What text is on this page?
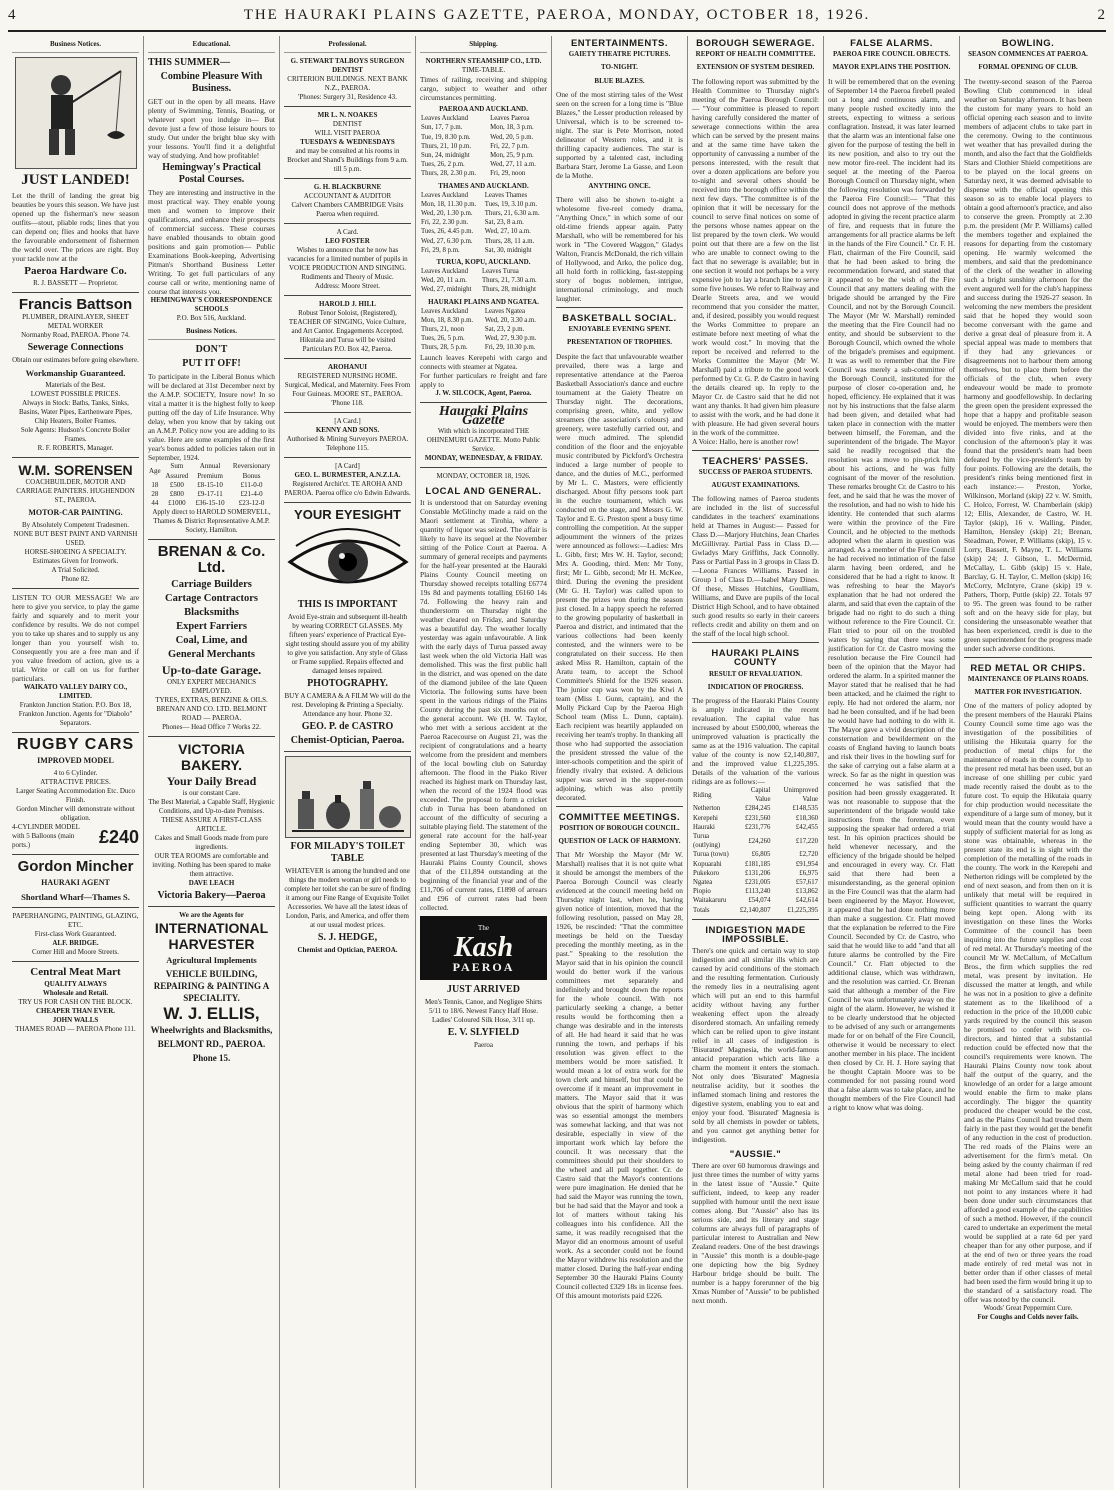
4	THE HAURAKI PLAINS GAZETTE, PAEROA, MONDAY, OCTOBER 18, 1926.	2
Business Notices.
JUST LANDED!
Let the thrill of landing the great big beauties be yours this season. We have just opened up the fisherman's new season outfits—stout, pliable rods; lines that you can depend on; flies and hooks that have the favourable endorsement of fishermen the world over. The prices are right. Buy your tackle now at the
Paeroa Hardware Co.
R. J. BASSETT — Proprietor.
Francis Battson
PLUMBER, DRAINLAYER, SHEET METAL WORKER
Normanby Road, PAEROA. Phone 74.
Sewerage Connections
Obtain our estimates before going elsewhere.
Workmanship Guaranteed.
Materials of the Best.
LOWEST POSSIBLE PRICES.
Always in Stock: Baths, Tanks, Sinks, Basins, Water Pipes, Earthenware Pipes, Chip Heaters, Boiler Frames.
Sole Agents: Hudson's Concrete Boiler Frames.
R. F. ROBERTS, Manager.
W.M. SORENSEN
COACHBUILDER, MOTOR AND CARRIAGE PAINTERS. HUGHENDON ST., PAEROA.
MOTOR-CAR PAINTING.
By Absolutely Competent Tradesmen.
NONE BUT BEST PAINT AND VARNISH USED.
HORSE-SHOEING A SPECIALTY.
Estimates Given for Ironwork.
A Trial Solicited.
Phone 82.
LISTEN TO OUR MESSAGE! We are here to give you service, to play the game fairly and squarely and to merit your confidence by results. We do not compel you to take up shares and to supply us any longer than you yourself wish to. Consequently you are a free man and if you value freedom of action, give us a trial. Write or call on us for further particulars.
WAIKATO VALLEY DAIRY CO., LIMITED.
Frankton Junction Station. P.O. Box 18, Frankton Junction. Agents for "Diabolo" Separators.
RUGBY CARS
IMPROVED MODEL
4 to 6 Cylinder.
ATTRACTIVE PRICES.
Larger Seating Accommodation Etc. Duco Finish.
Gordon Mincher will demonstrate without obligation.
4-CYLINDER MODEL with 5 Balloons (main ports.)	£240
Gordon Mincher
HAURAKI AGENT
Shortland Wharf—Thames S.
PAPERHANGING, PAINTING, GLAZING, ETC.
First-class Work Guaranteed.
ALF. BRIDGE.
Corner Hill and Moore Streets.
Central Meat Mart
QUALITY ALWAYS
Wholesale and Retail.
TRY US FOR CASH ON THE BLOCK.
CHEAPER THAN EVER.
JOHN WALLS
THAMES ROAD — PAEROA Phone 111.
Educational.
THIS SUMMER—
Combine Pleasure With Business.
GET out in the open by all means. Have plenty of Swimming, Tennis, Boating, or whatever sport you indulge in— But devote just a few of those leisure hours to study. Out under the bright blue sky with your lessons. You'll find it a delightful way of studying. And how profitable!
Hemingway's Practical Postal Courses.
They are interesting and instructive in the most practical way. They enable young men and women to improve their qualifications, and enhance their prospects of commercial success. These courses have enabled thousands to obtain good positions and gain promotion— Public Examinations Book-keeping, Advertising Pitman's Shorthand Business Letter Writing. To get full particulars of any course call or write, mentioning name of course that interests you.
HEMINGWAY'S CORRESPONDENCE SCHOOLS
P.O. Box 516, Auckland.
Business Notices.
DON'T
PUT IT OFF!
To participate in the Liberal Bonus which will be declared at 31st December next by the A.M.P. SOCIETY, Insure now! In so vital a matter it is the highest folly to keep putting off the day of Life Insurance. Why delay, when you know that by taking out an A.M.P. Policy now you are adding to its value. Here are some examples of the first year's bonus added to policies taken out in September, 1924.
Age	Sum Assured	Annual Premium	Reversionary Bonus
18	£500	£8-15-10	£11-0-0
28	£800	£9-17-11	£21-4-0
44	£1000	£36-15-10	£23-12-0
Apply direct to HAROLD SOMERVELL, Thames & District Representative A.M.P. Society, Hamilton.
BRENAN & Co. Ltd.
Carriage Builders
Cartage Contractors
Blacksmiths
Expert Farriers
Coal, Lime, and
General Merchants
Up-to-date Garage.
ONLY EXPERT MECHANICS EMPLOYED.
TYRES, EXTRAS, BENZINE & OILS.
BRENAN AND CO. LTD. BELMONT ROAD — PAEROA.
Phones— Head Office 7 Works 22.
VICTORIA BAKERY.
Your Daily Bread
is our constant Care.
The Best Material, a Capable Staff, Hygienic Conditions, and Up-to-date Premises.
THESE ASSURE A FIRST-CLASS ARTICLE.
Cakes and Small Goods made from pure ingredients.
OUR TEA ROOMS are comfortable and inviting. Nothing has been spared to make them attractive.
DAVE LEACH
Victoria Bakery—Paeroa
We are the Agents for
INTERNATIONAL
HARVESTER
Agricultural Implements
VEHICLE BUILDING, REPAIRING & PAINTING A SPECIALITY.
W. J. ELLIS,
Wheelwrights and Blacksmiths,
BELMONT RD., PAEROA.
Phone 15.
Professional.
G. STEWART TALBOYS SURGEON DENTIST
CRITERION BUILDINGS. NEXT BANK N.Z., PAEROA.
'Phones: Surgery 31, Residence 43.
MR L. N. NOAKES
DENTIST
WILL VISIT PAEROA
TUESDAYS & WEDNESDAYS
and may be consulted at his rooms in Brocket and Shand's Buildings from 9 a.m. till 5 p.m.
G. H. BLACKBURNE
ACCOUNTANT & AUDITOR
Calvert Chambers CAMBRIDGE Visits Paeroa when required.
A Card.
LEO FOSTER
Wishes to announce that he now has vacancies for a limited number of pupils in VOICE PRODUCTION AND SINGING. Rudiments and Theory of Music.
Address: Moore Street.
HAROLD J. HILL
Robust Tenor Soloist, (Registered), TEACHER OF SINGING, Voice Culture, and Art Cantor. Engagements Accepted. Hikutaia and Turua will be visited Particulars P.O. Box 42, Paeroa.
AROHANUI
REGISTERED NURSING HOME.
Surgical, Medical, and Maternity. Fees From Four Guineas. MOORE ST., PAEROA. 'Phone 118.
[A Card.]
KENNY AND SONS.
Authorised & Mining Surveyors PAEROA. Telephone 115.
[A Card]
GEO. L. BURMESTER, A.N.Z.I.A.
Registered Archit'ct. TE AROHA AND PAEROA. Paeroa office c/o Edwin Edwards.
YOUR EYESIGHT
THIS IS IMPORTANT
Avoid Eye-strain and subsequent ill-health by wearing CORRECT GLASSES. My fifteen years' experience of Practical Eye-sight testing should assure you of my ability to give you satisfaction. Any style of Glass or Frame supplied. Repairs effected and damaged lenses repaired.
PHOTOGRAPHY.
BUY A CAMERA & A FILM We will do the rest. Developing & Printing a Specialty. Attendance any hour. Phone 32.
GEO. P. de CASTRO
Chemist-Optician, Paeroa.
FOR MILADY'S TOILET TABLE
WHATEVER is among the hundred and one things the modern woman or girl needs to complete her toilet she can be sure of finding it among our Fine Range of Exquisite Toilet Accessories. We have all the latest ideas of London, Paris, and America, and offer them at our usual modest prices.
S. J. HEDGE,
Chemist and Optician, PAEROA.
Shipping.
NORTHERN STEAMSHIP CO., LTD.
TIME-TABLE.
Times of railing, receiving and shipping cargo, subject to weather and other circumstances permitting.
PAEROA AND AUCKLAND.
Leaves Auckland	Leaves Paeroa
Sun, 17, 7 p.m.	Mon, 18, 3 p.m.
Tue, 19, 8.30 p.m.	Wed, 20, 5 p.m.
Thurs, 21, 10 p.m.	Fri, 22, 7 p.m.
Sun, 24, midnight	Mon, 25, 9 p.m.
Tues, 26, 2 p.m.	Wed, 27, 11 a.m.
Thurs, 28, 2.30 p.m.	Fri, 29, noon
THAMES AND AUCKLAND.
Leaves Auckland	Leaves Thames
Mon, 18, 11.30 p.m.	Tues, 19, 3.10 p.m.
Wed, 20, 1.30 p.m.	Thurs, 21, 6.30 a.m.
Fri, 22, 2.30 p.m.	Sat, 23, 8 a.m.
Tues, 26, 4.45 p.m.	Wed, 27, 10 a.m.
Wed, 27, 6.30 p.m.	Thurs, 28, 11 a.m.
Fri, 29, 8 p.m.	Sat, 30, midnight
TURUA, KOPU, AUCKLAND.
Leaves Auckland	Leaves Turua
Wed, 20, 11 a.m.	Thurs, 21, 7.30 a.m.
Wed, 27, midnight	Thurs, 28, midnight
HAURAKI PLAINS AND NGATEA.
Leaves Auckland	Leaves Ngatea
Mon, 18, 8.30 p.m.	Wed, 20, 3.30 a.m.
Thurs, 21, noon	Sat, 23, 2 p.m.
Tues, 26, 5 p.m.	Wed, 27, 9.30 p.m.
Thurs, 28, 5 p.m.	Fri, 29, 10.30 p.m.
Launch leaves Kerepehi with cargo and connects with steamer at Ngatea.
For further particulars re freight and fare apply to
J. W. SILCOCK, Agent, Paeroa.
Hauraki Plains Gazette
With which is incorporated THE OHINEMURI GAZETTE. Motto Public Service.
MONDAY, WEDNESDAY, & FRIDAY.
MONDAY, OCTOBER 18, 1926.
LOCAL AND GENERAL.
It is understood that on Saturday evening Constable McGlinchy made a raid on the Maori settlement at Tirohia, where a quantity of liquor was seized. The affair is likely to have its sequel at the November sitting of the Police Court at Paeroa. A summary of general receipts and payments for the half-year presented at the Hauraki Plains County Council meeting on Thursday showed receipts totalling £6774 19s 8d and payments totalling £6160 14s 7d. Following the heavy rain and thunderstorm on Thursday night the weather cleared on Friday, and Saturday was a beautiful day. The weather locally yesterday was again unfavourable. A link with the early days of Turua passed away last week when the old Victoria Hall was demolished. This was the first public hall in the district, and was opened on the date of the diamond jubilee of the late Queen Victoria. The following sums have been spent in the various ridings of the Plains County during the past six months out of the general account. We (H. W. Taylor, who met with a serious accident at the Paeroa Racecourse on August 21, was the recipient of congratulations and a hearty welcome from the president and members of the local bowling club on Saturday afternoon. The flood in the Piako River reached its highest mark on Thursday last, when the record of the 1924 flood was exceeded. The proposal to form a cricket club in Turua has been abandoned on account of the difficulty of securing a suitable playing field. The statement of the general rate account for the half-year ending September 30, which was presented at last Thursday's meeting of the Hauraki Plains County Council, shows that of the £11,894 outstanding at the beginning of the financial year and of the £11,706 of current rates, £1898 of arrears and £96 of current rates had been collected.
The
Kash
PAEROA
JUST ARRIVED
Men's Tennis, Canoe, and Negligee Shirts 5/11 to 18/6. Newest Fancy Half Hose. Ladies' Coloured Silk Hose, 3/11 up.
E. V. SLYFIELD
Paeroa
ENTERTAINMENTS.
GAIETY THEATRE PICTURES.
TO-NIGHT.
BLUE BLAZES.
One of the most stirring tales of the West seen on the screen for a long time is "Blue Blazes," the Lesser production released by Universal, which is to be screened to-night. The star is Pete Morrison, noted delineator of Western roles, and it is thrilling capacity audiences. The star is supported by a talented cast, including Barbara Starr, Jerome La Gasse, and Leon de la Mothe.
ANYTHING ONCE.
There will also be shown to-night a wholesome five-reel comedy drama, "Anything Once," in which some of our old-time friends appear again. Patty Marshall, who will be remembered for his work in "The Covered Waggon," Gladys Walton, Francis McDonald, the rich villain of Hollywood, and Arko, the police dog, all hold forth in rollicking, fast-stepping story of bogus noblemen, intrigue, international criminology, and much laughter.
BASKETBALL SOCIAL.
ENJOYABLE EVENING SPENT.
PRESENTATION OF TROPHIES.
Despite the fact that unfavourable weather prevailed, there was a large and representative attendance at the Paeroa Basketball Association's dance and euchre tournament at the Gaiety Theatre on Thursday night. The decorations, comprising green, white, and yellow streamers (the association's colours) and greenery, were tastefully carried out, and were much admired. The splendid condition of the floor and the enjoyable music contributed by Pickford's Orchestra induced a large number of people to dance, and the duties of M.C., performed by Mr L. C. Masters, were efficiently discharged. About fifty persons took part in the euchre tournament, which was conducted on the stage, and Messrs G. W. Taylor and E. G. Preston spent a busy time controlling the competition. At the supper adjournment the winners of the prizes were announced as follows:—Ladies: Mrs L. Gibb, first; Mrs W. H. Taylor, second; Mrs A. Gooding, third. Men: Mr Tony, first; Mr L. Gibb, second; Mr H. McKee, third. During the evening the president (Mr G. H. Taylor) was called upon to present the prizes won during the season just closed. In a happy speech he referred to the growing popularity of basketball in Paeroa and district, and intimated that the various collections had been keenly contested, and the winners were to be congratulated on their success. He then asked Miss R. Hamilton, captain of the Aratu team, to accept the School Committee's Shield for the 1926 season. The junior cup was won by the Kiwi A team (Miss I. Gunn, captain), and the Molly Pickard Cup by the Paeroa High School team (Miss L. Dunn, captain). Each recipient was heartily applauded on receiving her team's trophy. In thanking all those who had supported the association the president stressed the value of the inter-schools competition and the spirit of friendly rivalry that existed. A delicious supper was served in the supper-room adjoining, which was also prettily decorated.
COMMITTEE MEETINGS.
POSITION OF BOROUGH COUNCIL.
QUESTION OF LACK OF HARMONY.
That Mr Worship the Mayor (Mr W. Marshall) realises that it is not quite what it should be amongst the members of the Paeroa Borough Council was clearly evidenced at the council meeting held on Thursday night last, when he, having given notice of intention, moved that the following resolution, passed on May 28, 1926, be rescinded: "That the committee meetings be held on the Tuesday preceding the monthly meeting, as in the past." Speaking to the resolution the Mayor said that in his opinion the council would do better work if the various committees met separately and indefinitely and brought down the reports for the whole council. With not particularly seeking a change, a better results would be forthcoming then a change was desirable and in the interests of all. He had heard it said that he was running the town, and perhaps if his resolution was given effect to the members would be more satisfied. It would mean a lot of extra work for the town clerk and himself, but that could be overcome if it meant an improvement in matters. The Mayor said that it was obvious that the spirit of harmony which was so essential amongst the members was somewhat lacking, and that was not desirable, especially in view of the important work which lay before the council. It was necessary that the committees should put their shoulders to the wheel and all pull together. Cr. de Castro said that the Mayor's contentions were pure imagination. He denied that he had said the Mayor was running the town, but he had said that the Mayor and took a lot of matters without taking his colleagues into his confidence. All the same, it was readily recognised that the Mayor did an enormous amount of useful work. As a seconder could not be found the Mayor withdrew his resolution and the matter closed. During the half-year ending September 30 the Hauraki Plains County Council collected £329 18s in license fees. Of this amount motorists paid £226.
BOROUGH SEWERAGE.
REPORT OF HEALTH COMMITTEE.
EXTENSION OF SYSTEM DESIRED.
The following report was submitted by the Health Committee to Thursday night's meeting of the Paeroa Borough Council:— "Your committee is pleased to report having carefully considered the matter of sewerage connections within the area which can be served by the present mains and at the same time have taken the opportunity of canvassing a number of the persons interested, with the result that over a dozen applications are before you to-night and several others should be received into the borough office within the next few days. "The committee is of the opinion that it will be necessary for the council to serve final notices on some of the persons whose names appear on the list prepared by the town clerk. We would point out that there are a few on the list who are unable to connect owing to the fact that no sewerage is available; but in one section it would not perhaps be a very expensive job to lay a branch line to serve some five houses. We refer to Railway and Dearle Streets area, and we would recommend that you consider the matter, and, if desired, possibly you would request the Works Committee to prepare an estimate before next meeting of what the work would cost." In moving that the report be received and referred to the Works Committee the Mayor (Mr W. Marshall) paid a tribute to the good work performed by Cr. G. P. de Castro in having the details cleared up. In reply to the Mayor Cr. de Castro said that he did not want any thanks. It had given him pleasure to assist with the work, and he had done it with pleasure. He had given several hours in the work of the committee.
A Voice: Hallo, here is another row!
TEACHERS' PASSES.
SUCCESS OF PAEROA STUDENTS.
AUGUST EXAMINATIONS.
The following names of Paeroa students are included in the list of successful candidates in the teachers' examinations held at Thames in August:— Passed for Class D.—Marjory Hutchins, Jean Charles McGillivray. Partial Pass in Class D.—Gwladys Mary Griffiths, Jack Connolly. Pass or Partial Pass in 3 groups in Class D.—Leona Frances Williams. Passed in Group 1 of Class D.—Isabel Mary Dines. Of these, Misses Hutchins, Goulliam, Williams, and Dave are pupils of the local District High School, and to have obtained such good results so early in their careers reflects credit and ability on them and on the staff of the local high school.
HAURAKI PLAINS COUNTY
RESULT OF REVALUATION.
INDICATION OF PROGRESS.
The progress of the Hauraki Plains County is amply indicated in the recent revaluation. The capital value has increased by about £500,000, whereas the unimproved valuation is practically the same as at the 1916 valuation. The capital value of the county is now £2,140,807, and the improved value £1,225,395. Details of the valuation of the various ridings are as follows:—
Riding	Capital Value	Unimproved Value
Netherton	£284,245	£148,535
Kerepehi	£231,560	£18,360
Hauraki	£231,776	£42,455
Turua (outlying)	£24,260	£17,220
Turua (town)	£6,805	£2,720
Kopuarahi	£181,185	£91,954
Pukekoro	£131,206	£6,975
Ngatea	£231,005	£57,617
Piopio	£113,240	£13,862
Waitakaruru	£54,074	£42,614
Totals	£2,140,807	£1,225,395
INDIGESTION MADE IMPOSSIBLE.
There's one quick and certain way to stop indigestion and all similar ills which are caused by acid conditions of the stomach and the resulting fermentation. Curiously the remedy lies in a neutralising agent which will put an end to this harmful acidity without having any further weakening effect upon the already disordered stomach. An unfailing remedy which can be relied upon to give instant relief in all cases of indigestion is 'Bisurated' Magnesia, the world-famous antacid preparation which acts like a charm the moment it enters the stomach. Not only does 'Bisurated' Magnesia neutralise acidity, but it soothes the inflamed stomach lining and restores the digestive system, enabling you to eat and enjoy your food. 'Bisurated' Magnesia is sold by all chemists in powder or tablets, and you cannot get anything better for indigestion.
"AUSSIE."
There are over 60 humorous drawings and just three times the number of witty yarns in the latest issue of "Aussie." Quite sufficient, indeed, to keep any reader supplied with humour until the next issue comes along. But "Aussie" also has its serious side, and its literary and stage columns are always full of paragraphs of particular interest to Australian and New Zealand readers. One of the best drawings in "Aussie" this month is a double-page one depicting how the big Sydney Harbour bridge should be built. The number is a happy forerunner of the big Xmas Number of "Aussie" to be published next month.
FALSE ALARMS.
PAEROA FIRE COUNCIL OBJECTS.
MAYOR EXPLAINS THE POSITION.
It will be remembered that on the evening of September 14 the Paeroa firebell pealed out a long and continuous alarm, and many people rushed excitedly into the streets, expecting to witness a serious conflagration. Instead, it was later learned that the alarm was an intentional false one given for the purpose of testing the bell in its new position, and also to try out the new motor fire-reel. The incident had its sequel at the meeting of the Paeroa Borough Council on Thursday night, when the following resolution was forwarded by the Paeroa Fire Council:— "That this council does not approve of the methods adopted in giving the recent practice alarm of fire, and requests that in future the arrangements for all practice alarms be left in the hands of the Fire Council." Cr. F. H. Flatt, chairman of the Fire Council, said that he had been asked to bring the recommendation forward, and stated that it appeared to be the wish of the Fire Council that any matters dealing with the brigade should be arranged by the Fire Council, and not by the Borough Council. The Mayor (Mr W. Marshall) reminded the meeting that the Fire Council had no entity, and should be subservient to the Borough Council, which owned the whole of the brigade's premises and equipment. It was as well to remember that the Fire Council was merely a sub-committee of the Borough Council, instituted for the purpose of closer co-operation and, he hoped, efficiency. He explained that it was not by his instructions that the false alarm had been given, and detailed what had taken place in connection with the matter between himself, the Foreman, and the superintendent of the brigade. The Mayor said he readily recognised that the resolution was a move to pin-prick him about his actions, and he was fully cognisant of the mover of the resolution. These remarks brought Cr. de Castro to his feet, and he said that he was the mover of the resolution, and had no wish to hide his identity. He contended that such alarms were within the province of the Fire Council, and he objected to the methods adopted when the alarm in question was arranged. As a member of the Fire Council he had received no intimation of the false alarm having been ordered, and he considered that he had a right to know. It was refreshing to hear the Mayor's explanation that he had not ordered the alarm, and said that even the captain of the brigade had no right to do such a thing without reference to the Fire Council. Cr. Flatt tried to pour oil on the troubled waters by saying that there was some justification for Cr. de Castro moving the resolution because the Fire Council had been of the opinion that the Mayor had ordered the alarm. In a spirited manner the Mayor stated that he realised that he had been attacked, and he claimed the right to reply. He had not ordered the alarm, nor had he been consulted, and if he had been he would have had nothing to do with it. The Mayor gave a vivid description of the consternation and bewilderment on the coasts of England having to launch boats and risk their lives in the howling surf for the sake of carrying out a false alarm at a wreck. So far as the night in question was concerned he was satisfied that the position had been grossly exaggerated. It was not reasonable to suppose that the superintendent of the brigade would take instructions from the foreman, even supposing the speaker had ordered a trial test. In his opinion practices should be held whenever necessary, and the efficiency of the brigade should be helped and encouraged in every way. Cr. Flatt said that there had been a misunderstanding, as the general opinion in the Fire Council was that the alarm had been engineered by the Mayor. However, it appeared that he had done nothing more than make a suggestion. Cr. Flatt moved that the explanation be referred to the Fire Council. Seconded by Cr. de Castro, who said that he would like to add "and that all future alarms be controlled by the Fire Council." Cr. Flatt objected to the additional clause, which was withdrawn, and the resolution was carried. Cr. Brenan said that although a member of the Fire Council he was unfortunately away on the night of the alarm. However, he wished it to be clearly understood that he objected to be advised of any such or arrangements made for or on behalf of the Fire Council, otherwise it would be necessary to elect another member in his place. The incident then closed by Cr. H. J. Hore saying that he thought Captain Moore was to be commended for not passing round word that a false alarm was to take place, and he thought members of the Fire Council had a right to know what was doing.
BOWLING.
SEASON COMMENCES AT PAEROA.
FORMAL OPENING OF CLUB.
The twenty-second season of the Paeroa Bowling Club commenced in ideal weather on Saturday afternoon. It has been the custom for many years to hold an official opening each season and to invite members of adjacent clubs to take part in the ceremony. Owing to the continuous wet weather that has prevailed during the month, and also the fact that the Goldfields Stars and Clothier Shield competitions are to be played on the local greens on Saturday next, it was deemed advisable to dispense with the official opening this season so as to enable local players to obtain a good afternoon's practice, and also to conserve the green. Promptly at 2.30 p.m. the president (Mr P. Williams) called the members together and explained the reasons for departing from the customary opening. He warmly welcomed the members, and said that the predominance of the clerk of the weather in allowing such a bright sunshiny afternoon for the event augured well for the club's happiness and success during the 1926-27 season. In welcoming the new members the president said that he hoped they would soon become conversant with the game and derive a great deal of pleasure from it. A special appeal was made to members that if they had any grievances or disagreements not to harbour them among themselves, but to place them before the officials of the club, when every endeavour would be made to promote harmony and goodfellowship. In declaring the green open the president expressed the hope that a happy and profitable season would be enjoyed. The members were then divided into five rinks, and at the conclusion of the afternoon's play it was found that the president's team had been defeated by the vice-president's team by four points. Following are the details, the president's rinks being mentioned first in each instance:— Preston, Yorke, Wilkinson, Morland (skip) 22 v. W. Smith, C. Holco, Forrest, W. Chamberlain (skip) 12; Ellis, Alexander, de Castro, W. H. Taylor (skip), 16 v. Walling, Pinder, Hamilton, Hensley (skip) 21; Brenan, Steadman, Power, P. Williams (skip), 15 v. Lorry, Bassett, F. Mayne, T. L. Williams (skip) 24; J. Gibson, L. McDermid, McCallay, L. Gibb (skip) 15 v. Hale, Barclay, G. H. Taylor, C. Mellon (skip) 16; McCorry, McIntyre, Crane (skip) 19 v. Pathers, Thorp, Puttle (skip) 22. Totals 97 to 95. The green was found to be rather soft and on the heavy side for play, but considering the unseasonable weather that has been experienced, credit is due to the green superintendent for the progress made under such adverse conditions.
RED METAL OR CHIPS.
MAINTENANCE OF PLAINS ROADS.
MATTER FOR INVESTIGATION.
One of the matters of policy adopted by the present members of the Hauraki Plains County Council some time ago was the investigation of the possibilities of utilising the Hikutaia quarry for the production of metal chips for the maintenance of roads in the county. Up to the present red metal has been used, but an increase of one shilling per cubic yard made recently raised the doubt as to the future cost. To equip the Hikutaia quarry for chip production would necessitate the expenditure of a large sum of money, but it would mean that the county would have a supply of sufficient material for as long as stone was obtainable, whereas in the present state its end is in sight with the completion of the metalling of the roads in the county. The work in the Kerepehi and Netherton ridings will be completed by the end of next season, and from then on it is unlikely that metal will be required in sufficient quantities to warrant the quarry being kept open. Along with its investigation on these lines the Works Committee of the council has been inquiring into the future supplies and cost of red metal. At Thursday's meeting of the council Mr W. McCallum, of McCallum Bros., the firm which supplies the red metal, was present by invitation. He discussed the matter at length, and while he was not in a position to give a definite statement as to the likelihood of a reduction in the price of the 10,000 cubic yards required by the council this season he promised to confer with his co-directors, and hinted that a substantial reduction could be effected now that the council's requirements were known. The Hauraki Plains County now took about half the output of the quarry, and the knowledge of an order for a large amount would enable the firm to make plans accordingly. The bigger the quantity produced the cheaper would be the cost, and as the Plains Council had treated them fairly in the past they would get the benefit of any reduction in the cost of production. The red roads of the Plains were an advertisement for the firm's metal. On being asked by the county chairman if red metal alone had been tried for road-making Mr McCallum said that he could not point to any instances where it had been done under such circumstances that afforded a good example of the capabilities of such a method. However, if the council cared to undertake an experiment the metal would be supplied at a rate 6d per yard cheaper than for any other purpose, and if at the end of two or three years the road made entirely of red metal was not in better order than if other classes of metal had been used the firm would bring it up to the standard of a satisfactory road. The offer was noted by the council.
Woods' Great Peppermint Cure.
For Coughs and Colds never fails.
